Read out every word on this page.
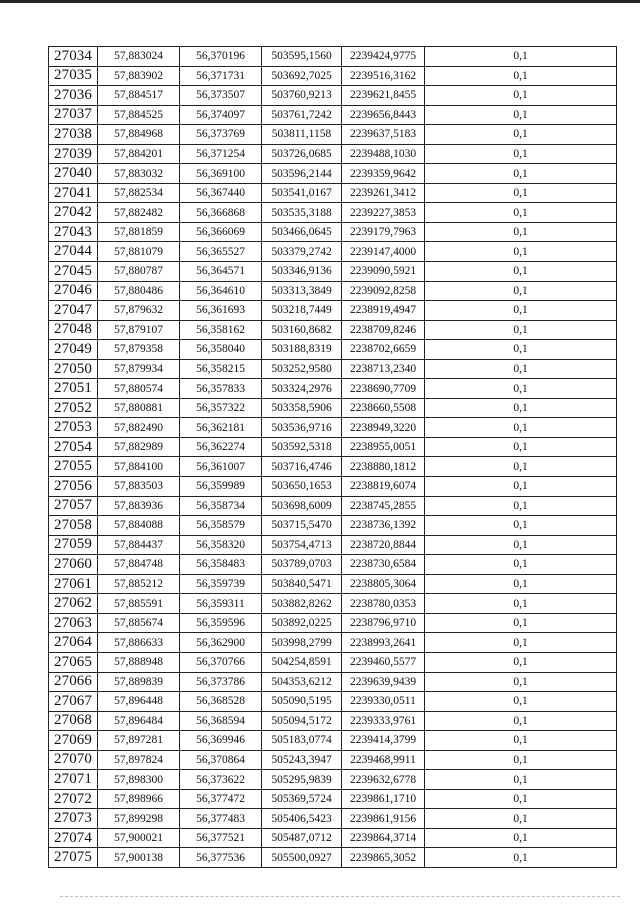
27034	57,883024	56,370196	503595,1560	2239424,9775	0,1
27035	57,883902	56,371731	503692,7025	2239516,3162	0,1
27036	57,884517	56,373507	503760,9213	2239621,8455	0,1
27037	57,884525	56,374097	503761,7242	2239656,8443	0,1
27038	57,884968	56,373769	503811,1158	2239637,5183	0,1
27039	57,884201	56,371254	503726,0685	2239488,1030	0,1
27040	57,883032	56,369100	503596,2144	2239359,9642	0,1
27041	57,882534	56,367440	503541,0167	2239261,3412	0,1
27042	57,882482	56,366868	503535,3188	2239227,3853	0,1
27043	57,881859	56,366069	503466,0645	2239179,7963	0,1
27044	57,881079	56,365527	503379,2742	2239147,4000	0,1
27045	57,880787	56,364571	503346,9136	2239090,5921	0,1
27046	57,880486	56,364610	503313,3849	2239092,8258	0,1
27047	57,879632	56,361693	503218,7449	2238919,4947	0,1
27048	57,879107	56,358162	503160,8682	2238709,8246	0,1
27049	57,879358	56,358040	503188,8319	2238702,6659	0,1
27050	57,879934	56,358215	503252,9580	2238713,2340	0,1
27051	57,880574	56,357833	503324,2976	2238690,7709	0,1
27052	57,880881	56,357322	503358,5906	2238660,5508	0,1
27053	57,882490	56,362181	503536,9716	2238949,3220	0,1
27054	57,882989	56,362274	503592,5318	2238955,0051	0,1
27055	57,884100	56,361007	503716,4746	2238880,1812	0,1
27056	57,883503	56,359989	503650,1653	2238819,6074	0,1
27057	57,883936	56,358734	503698,6009	2238745,2855	0,1
27058	57,884088	56,358579	503715,5470	2238736,1392	0,1
27059	57,884437	56,358320	503754,4713	2238720,8844	0,1
27060	57,884748	56,358483	503789,0703	2238730,6584	0,1
27061	57,885212	56,359739	503840,5471	2238805,3064	0,1
27062	57,885591	56,359311	503882,8262	2238780,0353	0,1
27063	57,885674	56,359596	503892,0225	2238796,9710	0,1
27064	57,886633	56,362900	503998,2799	2238993,2641	0,1
27065	57,888948	56,370766	504254,8591	2239460,5577	0,1
27066	57,889839	56,373786	504353,6212	2239639,9439	0,1
27067	57,896448	56,368528	505090,5195	2239330,0511	0,1
27068	57,896484	56,368594	505094,5172	2239333,9761	0,1
27069	57,897281	56,369946	505183,0774	2239414,3799	0,1
27070	57,897824	56,370864	505243,3947	2239468,9911	0,1
27071	57,898300	56,373622	505295,9839	2239632,6778	0,1
27072	57,898966	56,377472	505369,5724	2239861,1710	0,1
27073	57,899298	56,377483	505406,5423	2239861,9156	0,1
27074	57,900021	56,377521	505487,0712	2239864,3714	0,1
27075	57,900138	56,377536	505500,0927	2239865,3052	0,1
